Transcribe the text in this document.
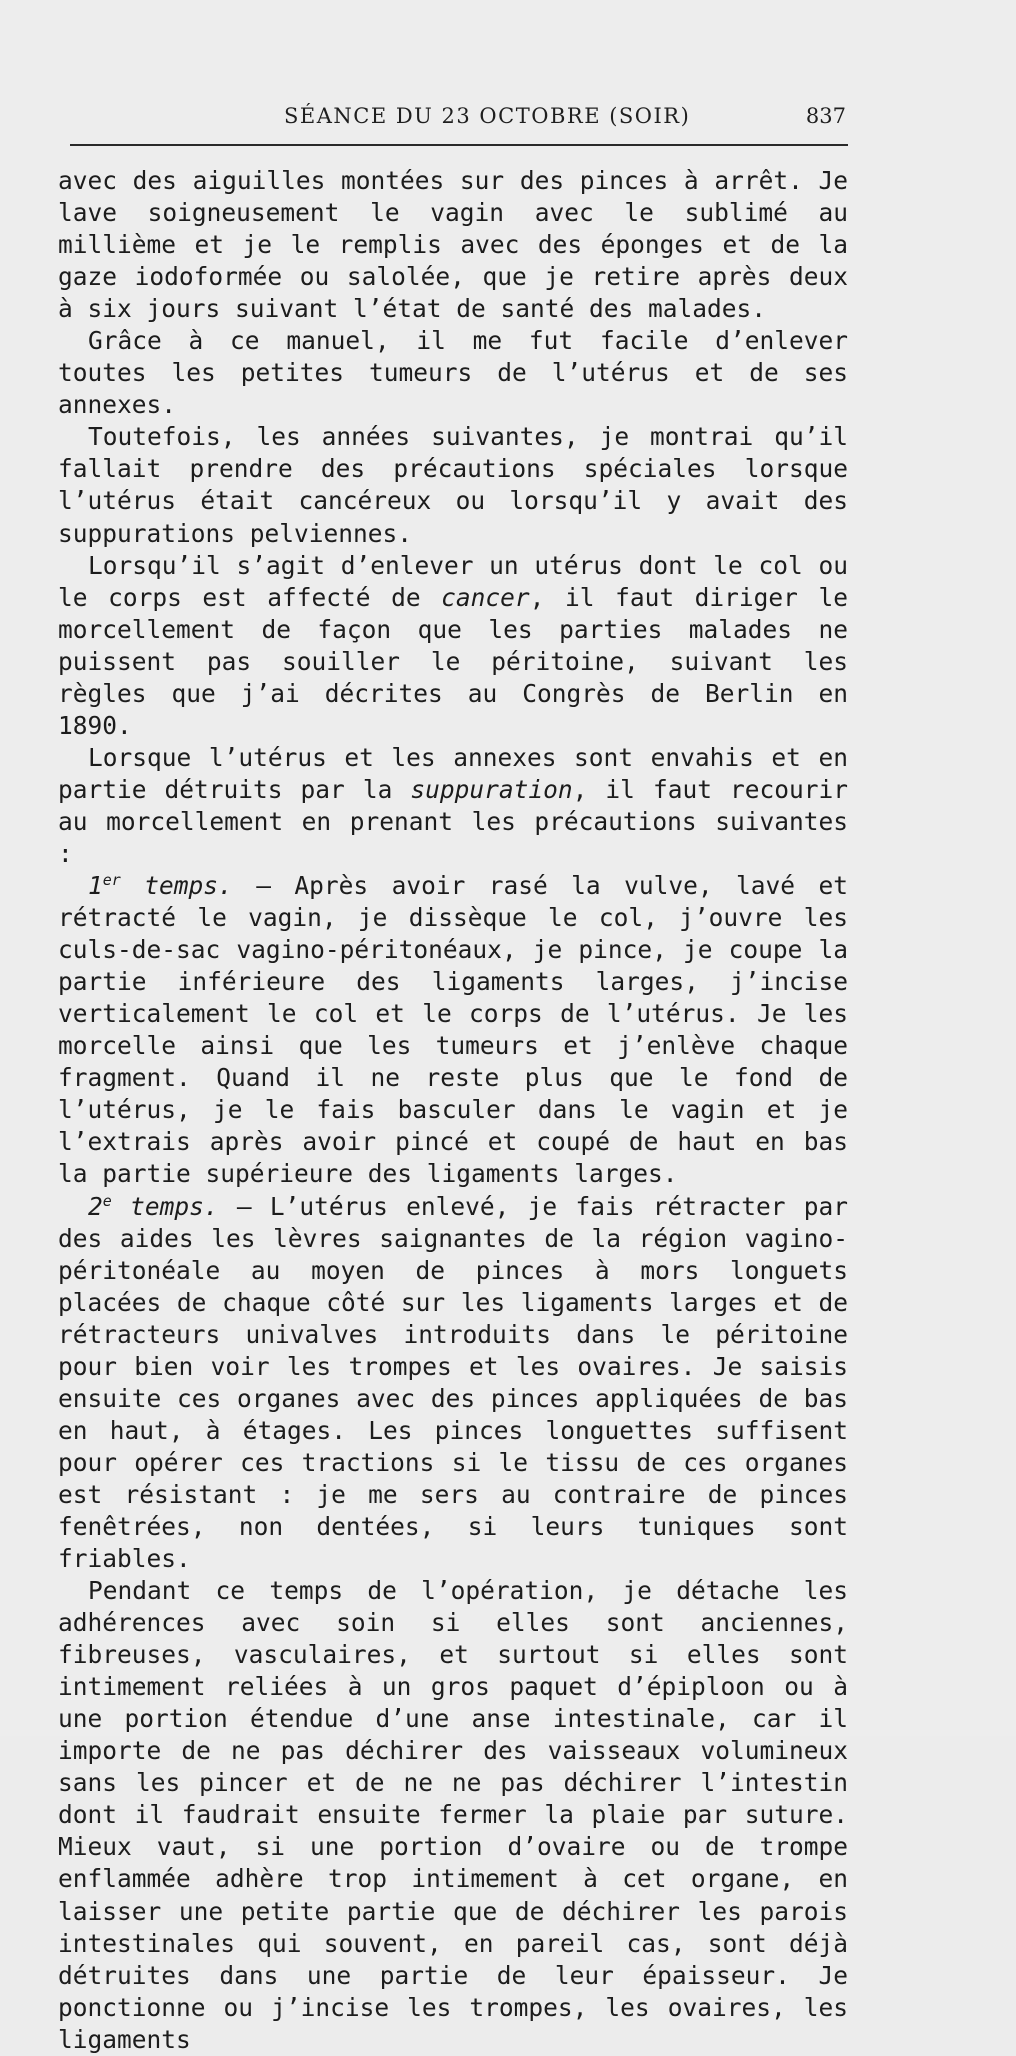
SÉANCE DU 23 OCTOBRE (SOIR)	837

avec des aiguilles montées sur des pinces à arrêt. Je lave soigneusement le vagin avec le sublimé au millième et je le remplis avec des éponges et de la gaze iodoformée ou salolée, que je retire après deux à six jours suivant l’état de santé des malades.

Grâce à ce manuel, il me fut facile d’enlever toutes les petites tumeurs de l’utérus et de ses annexes.

Toutefois, les années suivantes, je montrai qu’il fallait prendre des précautions spéciales lorsque l’utérus était cancéreux ou lorsqu’il y avait des suppurations pelviennes.

Lorsqu’il s’agit d’enlever un utérus dont le col ou le corps est affecté de cancer, il faut diriger le morcellement de façon que les parties malades ne puissent pas souiller le péritoine, suivant les règles que j’ai décrites au Congrès de Berlin en 1890.

Lorsque l’utérus et les annexes sont envahis et en partie détruits par la suppuration, il faut recourir au morcellement en prenant les précautions suivantes :

1er temps. — Après avoir rasé la vulve, lavé et rétracté le vagin, je dissèque le col, j’ouvre les culs-de-sac vagino-péritonéaux, je pince, je coupe la partie inférieure des ligaments larges, j’incise verticalement le col et le corps de l’utérus. Je les morcelle ainsi que les tumeurs et j’enlève chaque fragment. Quand il ne reste plus que le fond de l’utérus, je le fais basculer dans le vagin et je l’extrais après avoir pincé et coupé de haut en bas la partie supérieure des ligaments larges.

2e temps. — L’utérus enlevé, je fais rétracter par des aides les lèvres saignantes de la région vagino-péritonéale au moyen de pinces à mors longuets placées de chaque côté sur les ligaments larges et de rétracteurs univalves introduits dans le péritoine pour bien voir les trompes et les ovaires. Je saisis ensuite ces organes avec des pinces appliquées de bas en haut, à étages. Les pinces longuettes suffisent pour opérer ces tractions si le tissu de ces organes est résistant : je me sers au contraire de pinces fenêtrées, non dentées, si leurs tuniques sont friables.

Pendant ce temps de l’opération, je détache les adhérences avec soin si elles sont anciennes, fibreuses, vasculaires, et surtout si elles sont intimement reliées à un gros paquet d’épiploon ou à une portion étendue d’une anse intestinale, car il importe de ne pas déchirer des vaisseaux volumineux sans les pincer et de ne ne pas déchirer l’intestin dont il faudrait ensuite fermer la plaie par suture. Mieux vaut, si une portion d’ovaire ou de trompe enflammée adhère trop intimement à cet organe, en laisser une petite partie que de déchirer les parois intestinales qui souvent, en pareil cas, sont déjà détruites dans une partie de leur épaisseur. Je ponctionne ou j’incise les trompes, les ovaires, les ligaments
